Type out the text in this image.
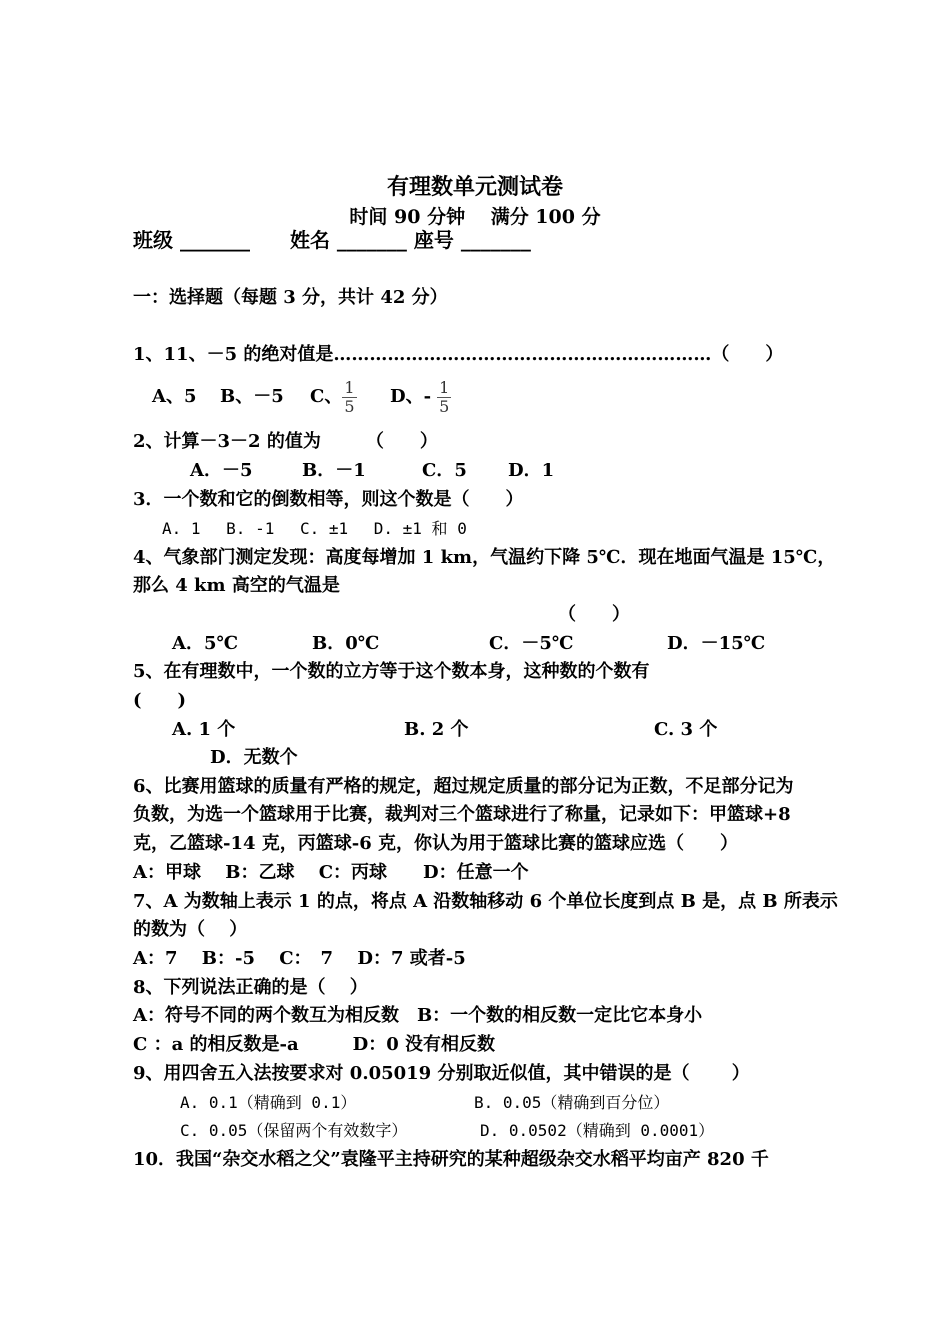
有理数单元测试卷
时间 90 分钟　 满分 100 分
班级 _______　　姓名 _______ 座号 _______
一：选择题（每题 3 分，共计 42 分）
1、11、－5 的绝对值是………………………………………………………（　　）
A、5 B、－5 C、 $\frac{1}{5}$ D、- $\frac{1}{5}$
2、计算－3－2 的值为　　　（　　）
A．－5	B．－1	C．5 D．1
3．一个数和它的倒数相等，则这个数是（　　）
A. 1　 B. -1　 C. ±1　 D. ±1 和 0
4、气象部门测定发现：高度每增加 1 km，气温约下降 5℃．现在地面气温是 15℃，
那么 4 km 高空的气温是
（　　）
A．5℃	B．0℃	C．－5℃	D．－15℃
5、在有理数中，一个数的立方等于这个数本身，这种数的个数有
(　　)
A. 1 个	B. 2 个	C. 3 个
D．无数个
6、比赛用篮球的质量有严格的规定，超过规定质量的部分记为正数，不足部分记为
负数，为选一个篮球用于比赛，裁判对三个篮球进行了称量，记录如下：甲篮球+8
克，乙篮球-14 克，丙篮球-6 克，你认为用于篮球比赛的篮球应选（　　）
A：甲球　 B：乙球　 C：丙球　　D：任意一个
7、A 为数轴上表示 1 的点，将点 A 沿数轴移动 6 个单位长度到点 B 是，点 B 所表示
的数为（　 ）
A：7　 B：-5　 C：　7　 D：7 或者-5
8、下列说法正确的是（　 ）
A：符号不同的两个数互为相反数　B：一个数的相反数一定比它本身小
C ：a 的相反数是-a　　　D：0 没有相反数
9、用四舍五入法按要求对 0.05019 分别取近似值，其中错误的是（　　 ）
A. 0.1（精确到 0.1）	B. 0.05（精确到百分位）
C. 0.05（保留两个有效数字）	D. 0.0502（精确到 0.0001）
10．我国“杂交水稻之父”袁隆平主持研究的某种超级杂交水稻平均亩产 820 千
